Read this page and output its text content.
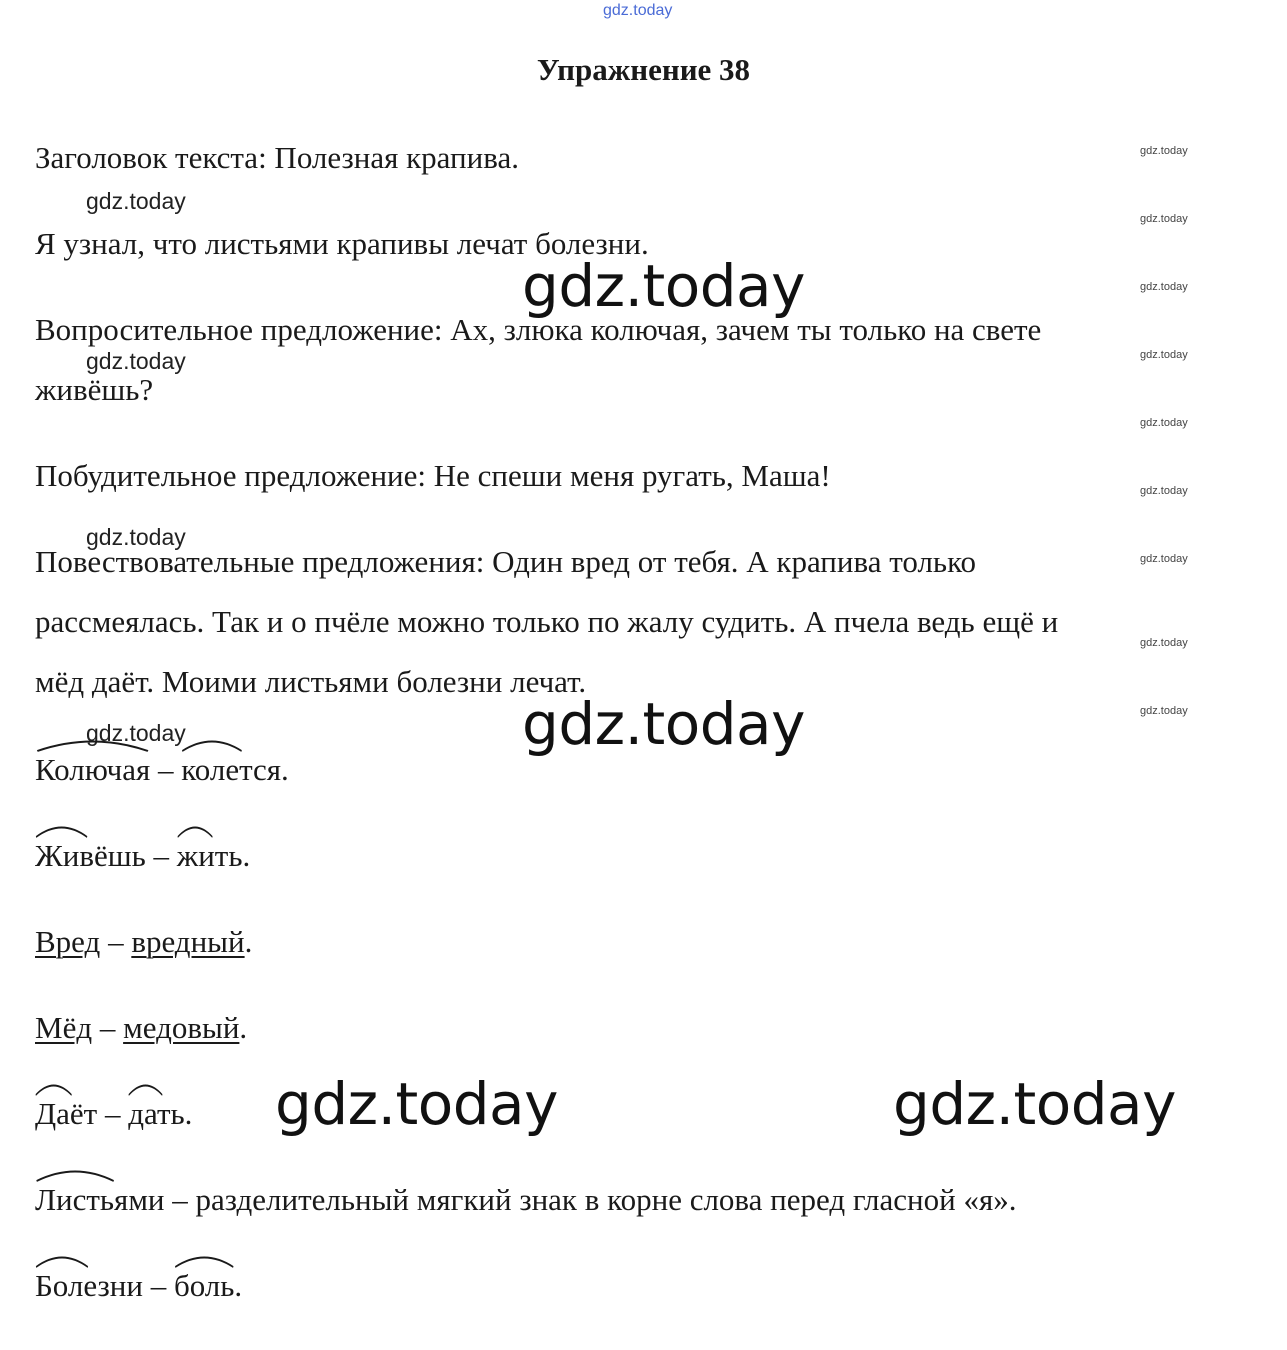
gdz.today
gdz.today
gdz.today
gdz.today
gdz.today
gdz.today
gdz.today
gdz.today
gdz.today
gdz.today
gdz.today
gdz.today
gdz.today
gdz.today
gdz.today
gdz.today
gdz.today	gdz.today
Упражнение 38
Заголовок текста: Полезная крапива.
Я узнал, что листьями крапивы лечат болезни.
Вопросительное предложение: Ах, злюка колючая, зачем ты только на свете
живёшь?
Побудительное предложение: Не спеши меня ругать, Маша!
Повествовательные предложения: Один вред от тебя. А крапива только
рассмеялась. Так и о пчёле можно только по жалу судить. А пчела ведь ещё и
мёд даёт. Моими листьями болезни лечат.
Колючая –
колется.
Живёшь –
жить.
Вред – вредный.
Мёд – медовый.
Даёт –
дать.
Листьями – разделительный мягкий знак в корне слова перед гласной «я».
Болезни –
боль.
